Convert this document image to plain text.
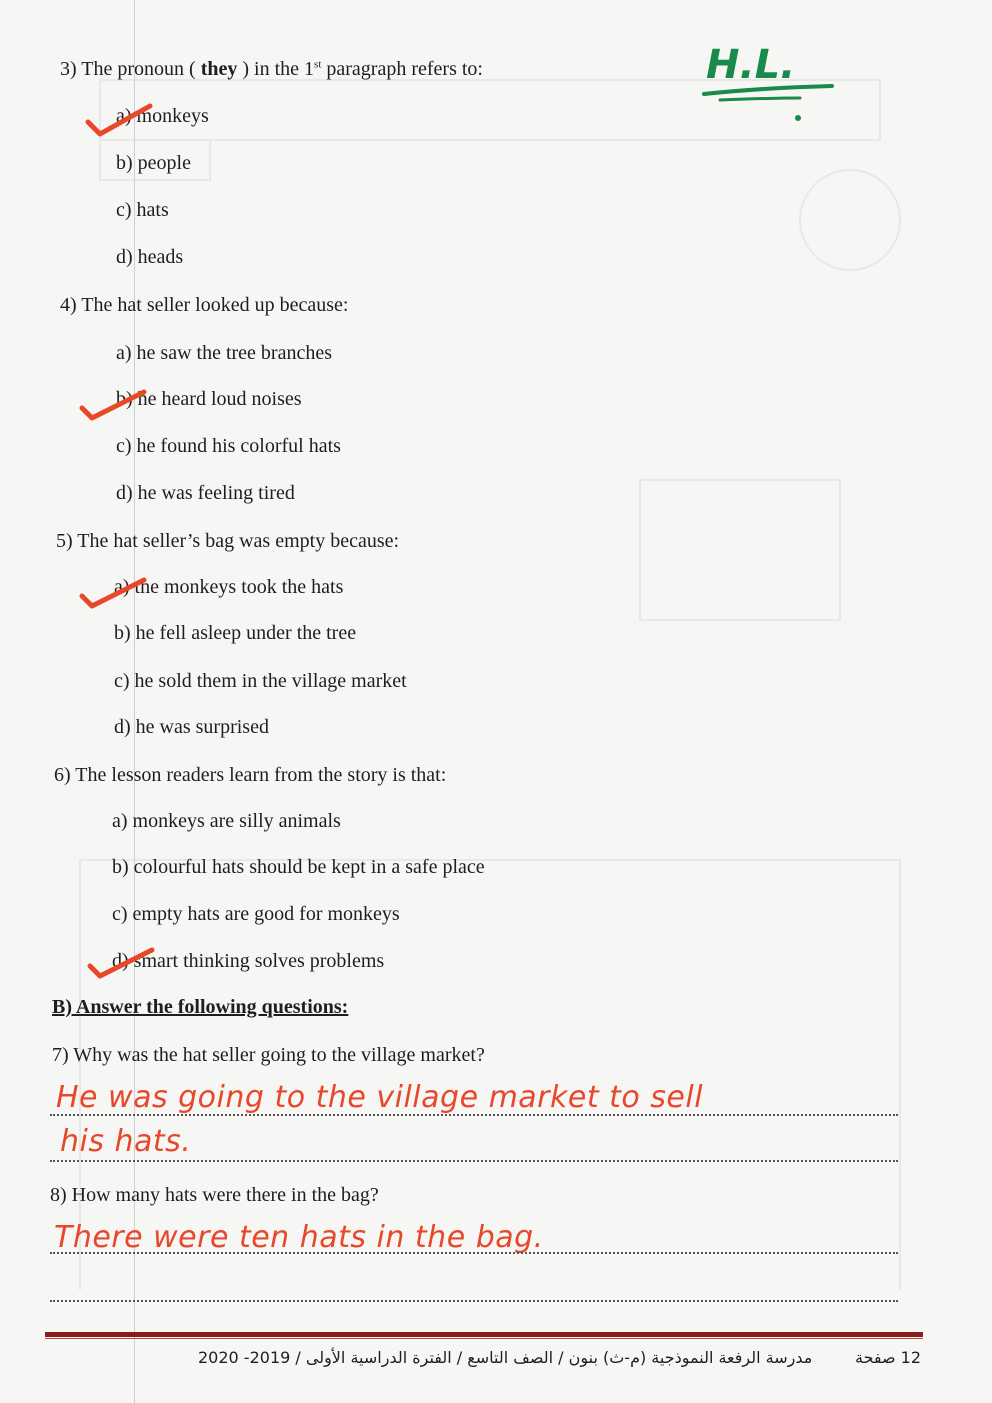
H.L.
3) The pronoun ( they ) in the 1st paragraph refers to:
a) monkeys
b) people
c) hats
d) heads
4) The hat seller looked up because:
a) he saw the tree branches
b) he heard loud noises
c) he found his colorful hats
d) he was feeling tired
5) The hat seller’s bag was empty because:
a) the monkeys took the hats
b) he fell asleep under the tree
c) he sold them in the village market
d) he was surprised
6) The lesson readers learn from the story is that:
a) monkeys are silly animals
b) colourful hats should be kept in a safe place
c) empty hats are good for monkeys
d) smart thinking solves problems
B) Answer the following questions:
7) Why was the hat seller going to the village market?
He was going to the village market to sell
his hats.
8) How many hats were there in the bag?
There were ten hats in the bag.
مدرسة الرفعة النموذجية (م-ث) بنون / الصف التاسع / الفترة الدراسية الأولى / 2019- 2020	12 صفحة
